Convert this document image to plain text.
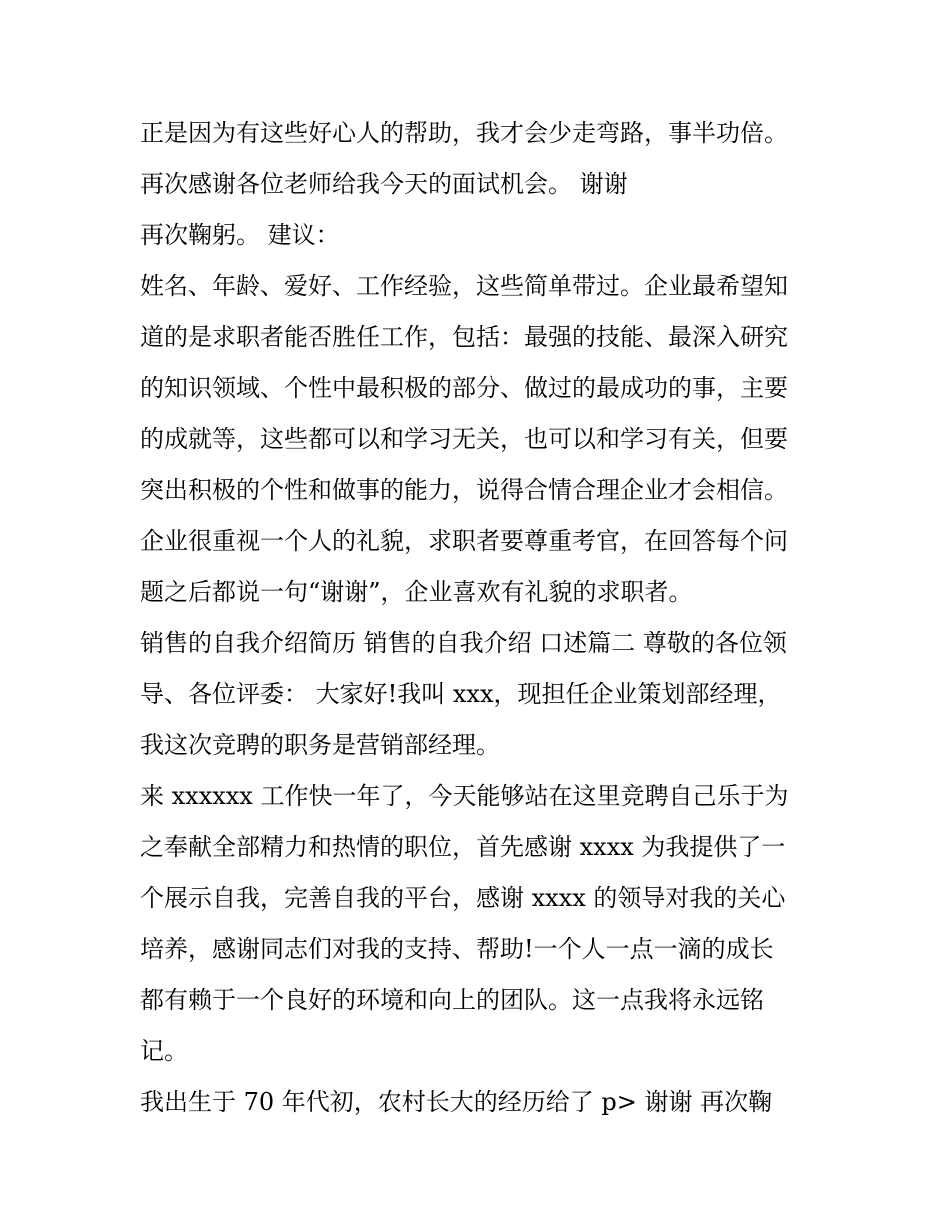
正是因为有这些好心人的帮助，我才会少走弯路，事半功倍。
再次感谢各位老师给我今天的面试机会。 谢谢
再次鞠躬。 建议：
姓名、年龄、爱好、工作经验，这些简单带过。企业最希望知
道的是求职者能否胜任工作，包括：最强的技能、最深入研究
的知识领域、个性中最积极的部分、做过的最成功的事，主要
的成就等，这些都可以和学习无关，也可以和学习有关，但要
突出积极的个性和做事的能力，说得合情合理企业才会相信。
企业很重视一个人的礼貌，求职者要尊重考官，在回答每个问
题之后都说一句“谢谢”，企业喜欢有礼貌的求职者。
销售的自我介绍简历 销售的自我介绍 口述篇二 尊敬的各位领
导、各位评委： 大家好!我叫 xxx，现担任企业策划部经理，
我这次竞聘的职务是营销部经理。
来 xxxxxx 工作快一年了，今天能够站在这里竞聘自己乐于为
之奉献全部精力和热情的职位，首先感谢 xxxx 为我提供了一
个展示自我，完善自我的平台，感谢 xxxx 的领导对我的关心
培养，感谢同志们对我的支持、帮助!一个人一点一滴的成长
都有赖于一个良好的环境和向上的团队。这一点我将永远铭
记。
我出生于 70 年代初，农村长大的经历给了 p> 谢谢 再次鞠
